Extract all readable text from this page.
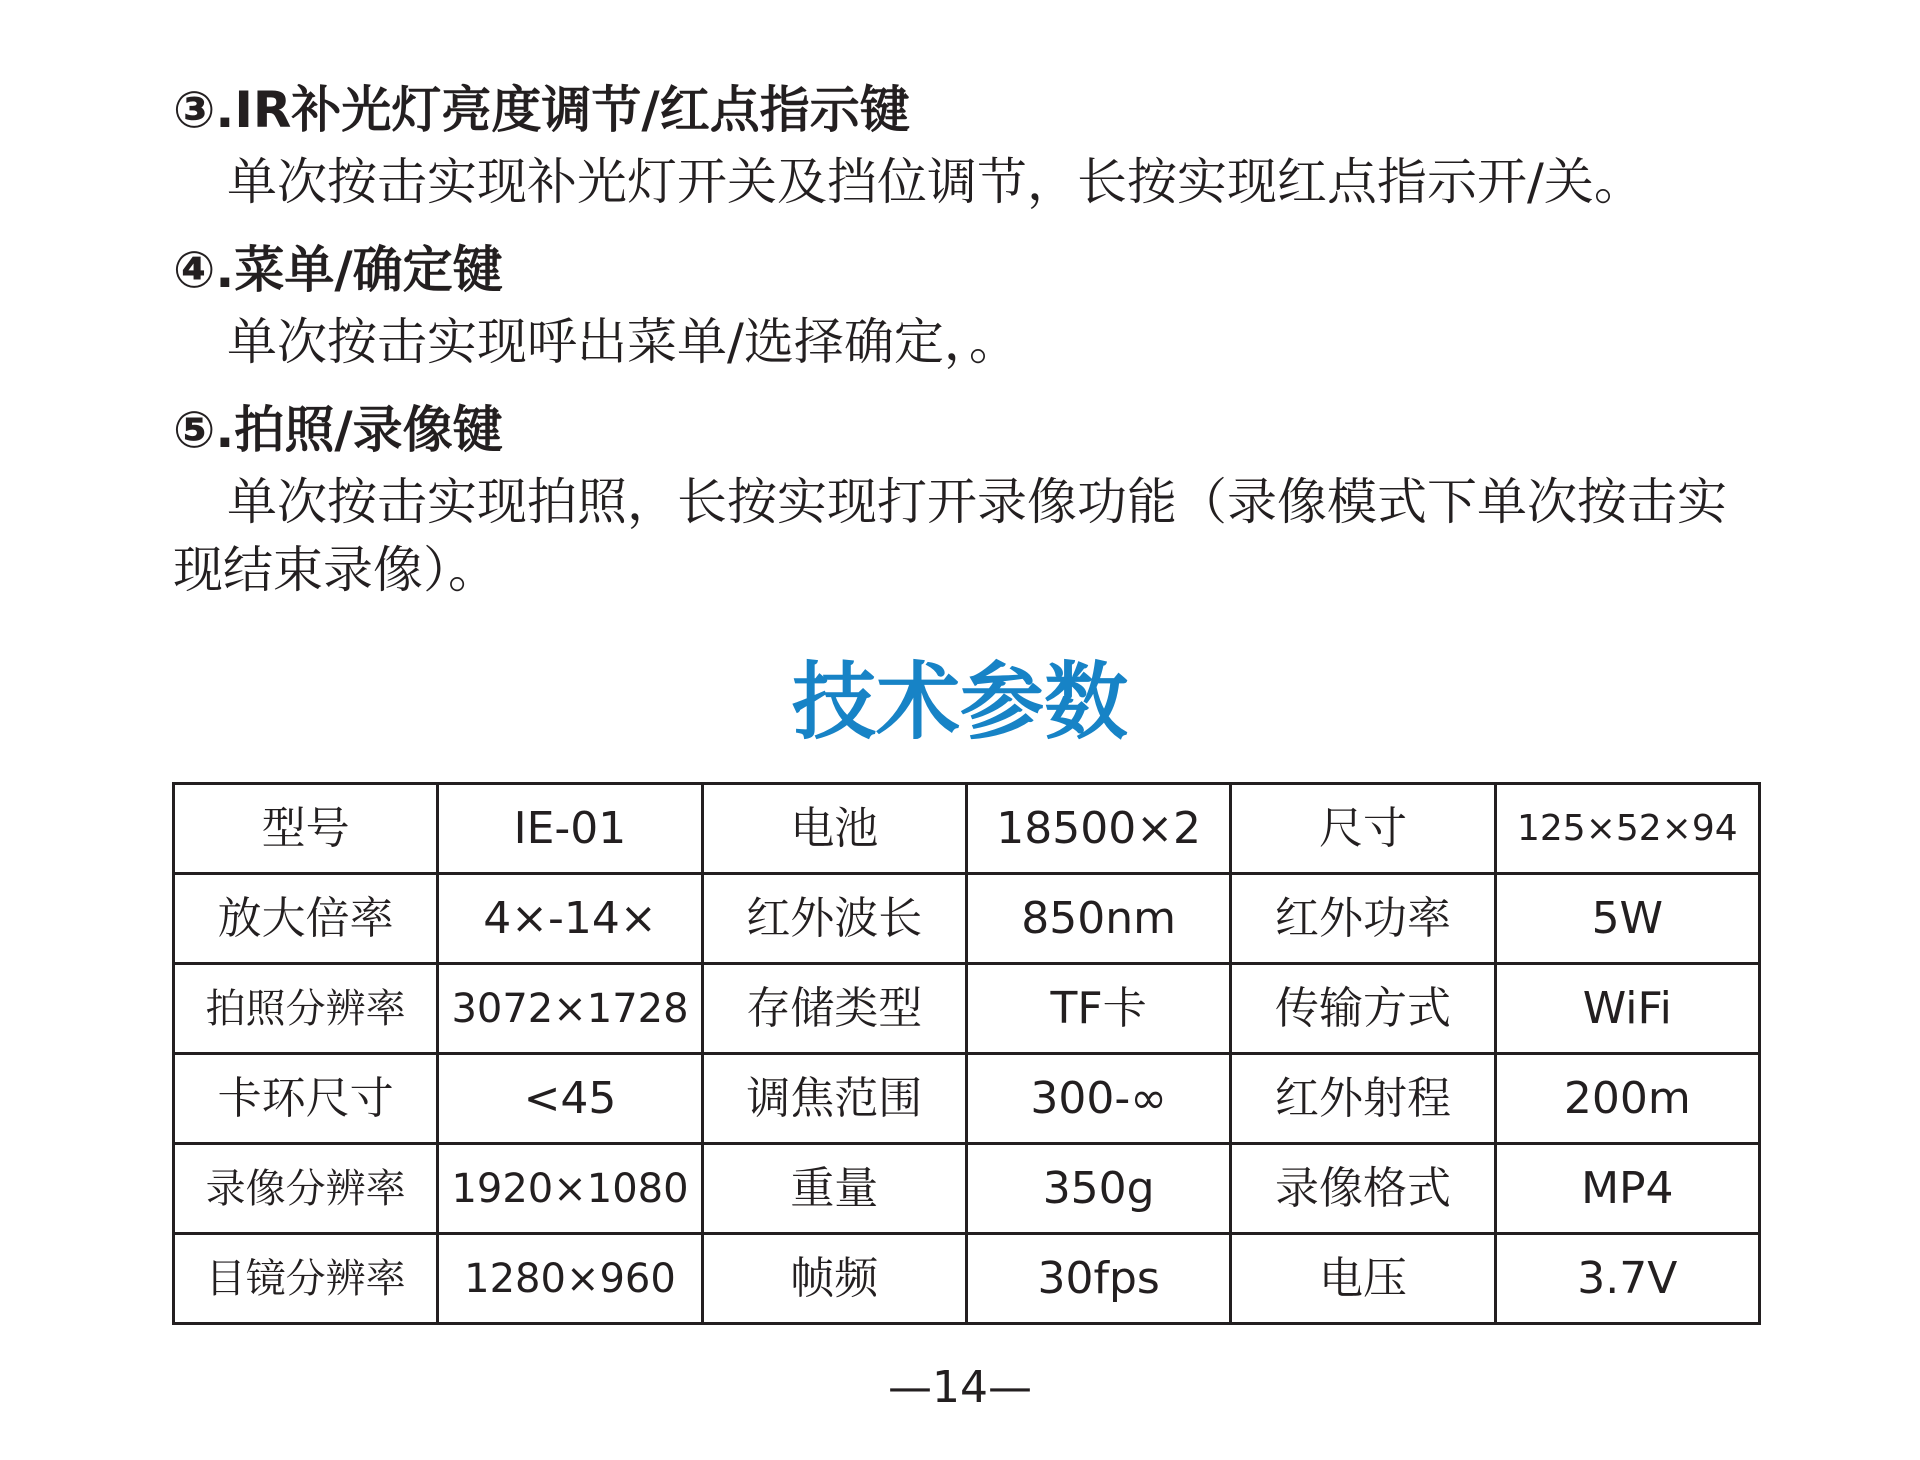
③.IR补光灯亮度调节/红点指示键

单次按击实现补光灯开关及挡位调节，长按实现红点指示开/关。

④.菜单/确定键

单次按击实现呼出菜单/选择确定，。

⑤.拍照/录像键

单次按击实现拍照，长按实现打开录像功能（录像模式下单次按击实现结束录像）。

技术参数
型号	IE-01	电池	18500×2	尺寸	125×52×94
放大倍率	4×-14×	红外波长	850nm	红外功率	5W
拍照分辨率	3072×1728	存储类型	TF卡	传输方式	WiFi
卡环尺寸	<45	调焦范围	300-∞	红外射程	200m
录像分辨率	1920×1080	重量	350g	录像格式	MP4
目镜分辨率	1280×960	帧频	30fps	电压	3.7V

—14—
